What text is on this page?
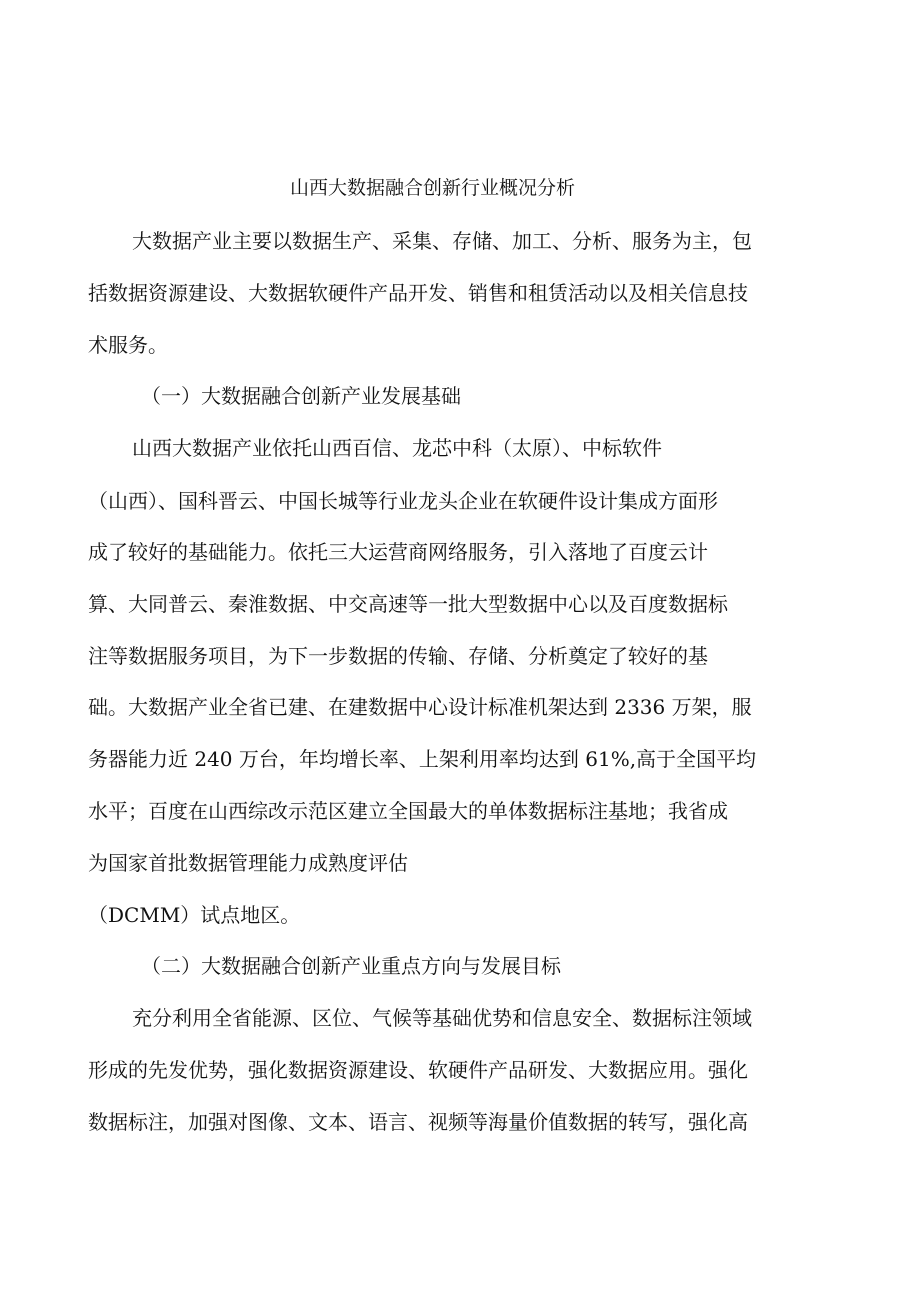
山西大数据融合创新行业概况分析

大数据产业主要以数据生产、采集、存储、加工、分析、服务为主，包

括数据资源建设、大数据软硬件产品开发、销售和租赁活动以及相关信息技

术服务。

（一）大数据融合创新产业发展基础

山西大数据产业依托山西百信、龙芯中科（太原）、中标软件

（山西）、国科晋云、中国长城等行业龙头企业在软硬件设计集成方面形

成了较好的基础能力。依托三大运营商网络服务，引入落地了百度云计

算、大同普云、秦淮数据、中交高速等一批大型数据中心以及百度数据标

注等数据服务项目，为下一步数据的传输、存储、分析奠定了较好的基

础。大数据产业全省已建、在建数据中心设计标准机架达到 2336 万架，服

务器能力近 240 万台，年均增长率、上架利用率均达到 61%,高于全国平均

水平；百度在山西综改示范区建立全国最大的单体数据标注基地；我省成

为国家首批数据管理能力成熟度评估

（DCMM）试点地区。

（二）大数据融合创新产业重点方向与发展目标

充分利用全省能源、区位、气候等基础优势和信息安全、数据标注领域

形成的先发优势，强化数据资源建设、软硬件产品研发、大数据应用。强化

数据标注，加强对图像、文本、语言、视频等海量价值数据的转写，强化高
